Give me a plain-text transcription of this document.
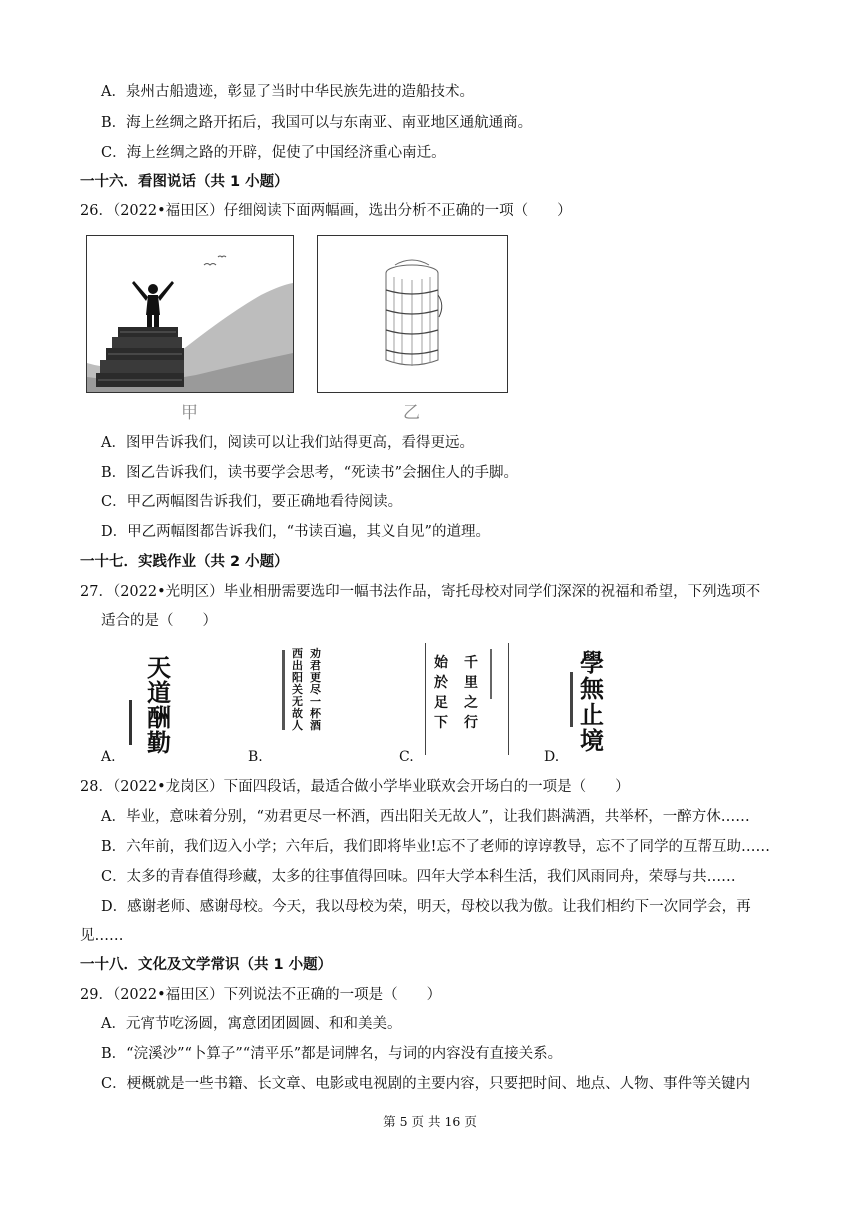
A．泉州古船遗迹，彰显了当时中华民族先进的造船技术。
B．海上丝绸之路开拓后，我国可以与东南亚、南亚地区通航通商。
C．海上丝绸之路的开辟，促使了中国经济重心南迁。
一十六．看图说话（共 1 小题）
26．（2022•福田区）仔细阅读下面两幅画，选出分析不正确的一项（　　）
甲	乙
A．图甲告诉我们，阅读可以让我们站得更高，看得更远。
B．图乙告诉我们，读书要学会思考，“死读书”会捆住人的手脚。
C．甲乙两幅图告诉我们，要正确地看待阅读。
D．甲乙两幅图都告诉我们，“书读百遍，其义自见”的道理。
一十七．实践作业（共 2 小题）
27．（2022•光明区）毕业相册需要选印一幅书法作品，寄托母校对同学们深深的祝福和希望，下列选项不
适合的是（　　）
天
道
酬
勤
A.
西出阳关无故人
劝君更尽一杯酒
B.
始
於
足
下
千
里
之
行
C.
學
無
止
境
D.
28．（2022•龙岗区）下面四段话，最适合做小学毕业联欢会开场白的一项是（　　）
A．毕业，意味着分别，“劝君更尽一杯酒，西出阳关无故人”，让我们斟满酒，共举杯，一醉方休……
B．六年前，我们迈入小学；六年后，我们即将毕业!忘不了老师的谆谆教导，忘不了同学的互帮互助……
C．太多的青春值得珍藏，太多的往事值得回味。四年大学本科生活，我们风雨同舟，荣辱与共……
D．感谢老师、感谢母校。今天，我以母校为荣，明天，母校以我为傲。让我们相约下一次同学会，再
见……
一十八．文化及文学常识（共 1 小题）
29．（2022•福田区）下列说法不正确的一项是（　　）
A．元宵节吃汤圆，寓意团团圆圆、和和美美。
B．“浣溪沙”“卜算子”“清平乐”都是词牌名，与词的内容没有直接关系。
C．梗概就是一些书籍、长文章、电影或电视剧的主要内容，只要把时间、地点、人物、事件等关键内
第 5 页 共 16 页
